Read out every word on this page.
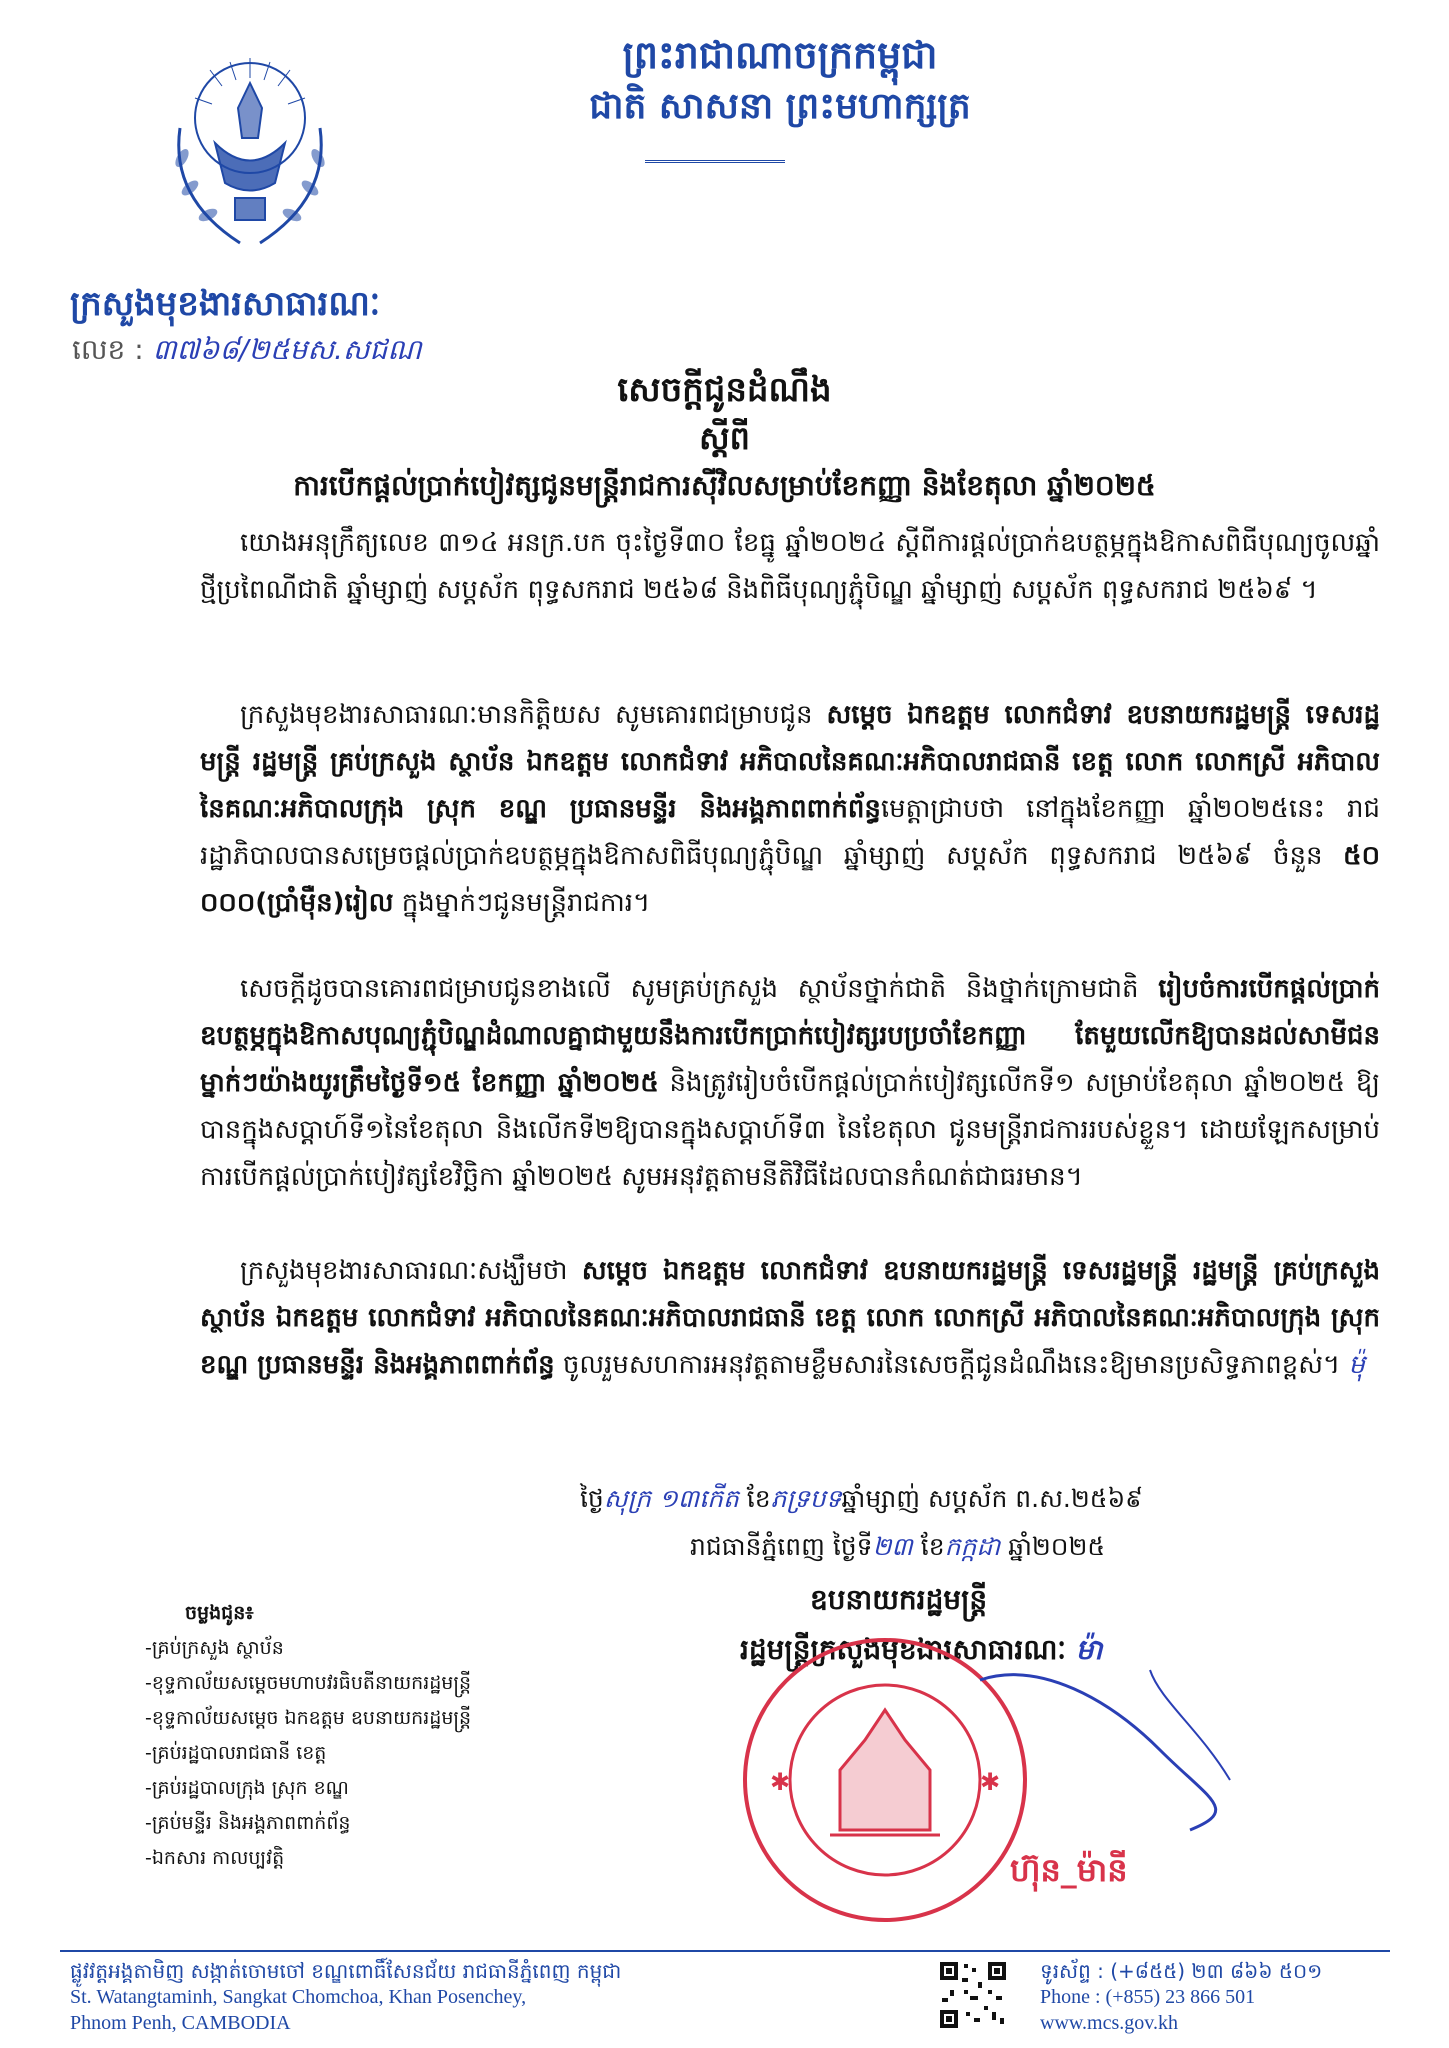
ព្រះរាជាណាចក្រកម្ពុជា
ជាតិ សាសនា ព្រះមហាក្សត្រ
ក្រសួងមុខងារសាធារណៈ
លេខ : ៣៧៦៨/២៥មស.សជណ
សេចក្ដីជូនដំណឹង
ស្ដីពី
ការបើកផ្តល់ប្រាក់បៀវត្សជូនមន្ត្រីរាជការស៊ីវិលសម្រាប់ខែកញ្ញា និងខែតុលា ឆ្នាំ២០២៥
យោងអនុក្រឹត្យលេខ ៣១៤ អនក្រ.បក ចុះថ្ងៃទី៣០ ខែធ្នូ ឆ្នាំ២០២៤ ស្តីពីការផ្តល់ប្រាក់ឧបត្ថម្ភក្នុងឱកាសពិធីបុណ្យចូលឆ្នាំថ្មីប្រពៃណីជាតិ ឆ្នាំម្សាញ់ សប្តស័ក ពុទ្ធសករាជ ២៥៦៨ និងពិធីបុណ្យភ្ជុំបិណ្ឌ ឆ្នាំម្សាញ់ សប្តស័ក ពុទ្ធសករាជ ២៥៦៩ ។
ក្រសួងមុខងារសាធារណៈមានកិត្តិយស សូមគោរពជម្រាបជូន សម្តេច ឯកឧត្តម លោកជំទាវ ឧបនាយករដ្ឋមន្ត្រី ទេសរដ្ឋមន្ត្រី រដ្ឋមន្ត្រី គ្រប់ក្រសួង ស្ថាប័ន ឯកឧត្តម លោកជំទាវ អភិបាលនៃគណៈអភិបាលរាជធានី ខេត្ត លោក លោកស្រី អភិបាលនៃគណៈអភិបាលក្រុង ស្រុក ខណ្ឌ ប្រធានមន្ទីរ និងអង្គភាពពាក់ព័ន្ធមេត្តាជ្រាបថា នៅក្នុងខែកញ្ញា ឆ្នាំ២០២៥នេះ រាជរដ្ឋាភិបាលបានសម្រេចផ្តល់ប្រាក់ឧបត្ថម្ភក្នុងឱកាសពិធីបុណ្យភ្ជុំបិណ្ឌ ឆ្នាំម្សាញ់ សប្តស័ក ពុទ្ធសករាជ ២៥៦៩ ចំនួន ៥០ ០០០(ប្រាំម៉ឺន)រៀល ក្នុងម្នាក់ៗជូនមន្ត្រីរាជការ។
សេចក្តីដូចបានគោរពជម្រាបជូនខាងលើ សូមគ្រប់ក្រសួង ស្ថាប័នថ្នាក់ជាតិ និងថ្នាក់ក្រោមជាតិ រៀបចំការបើកផ្តល់ប្រាក់ឧបត្ថម្ភក្នុងឱកាសបុណ្យភ្ជុំបិណ្ឌដំណាលគ្នាជាមួយនឹងការបើកប្រាក់បៀវត្សរបប្រចាំខែកញ្ញា តែមួយលើកឱ្យបានដល់សាមីជនម្នាក់ៗយ៉ាងយូរត្រឹមថ្ងៃទី១៥ ខែកញ្ញា ឆ្នាំ២០២៥ និងត្រូវរៀបចំបើកផ្តល់ប្រាក់បៀវត្សលើកទី១ សម្រាប់ខែតុលា ឆ្នាំ២០២៥ ឱ្យបានក្នុងសប្តាហ៍ទី១នៃខែតុលា និងលើកទី២ឱ្យបានក្នុងសប្តាហ៍ទី៣ នៃខែតុលា ជូនមន្ត្រីរាជការរបស់ខ្លួន។ ដោយឡែកសម្រាប់ការបើកផ្តល់ប្រាក់បៀវត្សខែវិច្ឆិកា ឆ្នាំ២០២៥ សូមអនុវត្តតាមនីតិវិធីដែលបានកំណត់ជាធរមាន។
ក្រសួងមុខងារសាធារណៈសង្ឃឹមថា សម្តេច ឯកឧត្តម លោកជំទាវ ឧបនាយករដ្ឋមន្ត្រី ទេសរដ្ឋមន្ត្រី រដ្ឋមន្ត្រី គ្រប់ក្រសួង ស្ថាប័ន ឯកឧត្តម លោកជំទាវ អភិបាលនៃគណៈអភិបាលរាជធានី ខេត្ត លោក លោកស្រី អភិបាលនៃគណៈអភិបាលក្រុង ស្រុក ខណ្ឌ ប្រធានមន្ទីរ និងអង្គភាពពាក់ព័ន្ធ ចូលរួមសហការអនុវត្តតាមខ្លឹមសារនៃសេចក្តីជូនដំណឹងនេះឱ្យមានប្រសិទ្ធភាពខ្ពស់។ ម៉ុ
ថ្ងៃសុក្រ ១៣កើត ខែភទ្របទឆ្នាំម្សាញ់ សប្តស័ក ព.ស.២៥៦៩
រាជធានីភ្នំពេញ ថ្ងៃទី២៣ ខែកក្កដា ឆ្នាំ២០២៥
ឧបនាយករដ្ឋមន្ត្រី
រដ្ឋមន្ត្រីក្រសួងមុខងារសាធារណៈ ម៉ា
✱	✱
ហ៊ុន_ម៉ានី
ចម្លងជូន៖
-គ្រប់ក្រសួង ស្ថាប័ន
-ខុទ្ទកាល័យសម្តេចមហាបវរធិបតីនាយករដ្ឋមន្ត្រី
-ខុទ្ទកាល័យសម្តេច ឯកឧត្តម ឧបនាយករដ្ឋមន្ត្រី
-គ្រប់រដ្ឋបាលរាជធានី ខេត្ត
-គ្រប់រដ្ឋបាលក្រុង ស្រុក ខណ្ឌ
-គ្រប់មន្ទីរ និងអង្គភាពពាក់ព័ន្ធ
-ឯកសារ កាលប្បវត្តិ
ផ្លូវវត្តអង្គតាមិញ សង្កាត់ចោមចៅ ខណ្ឌពោធិ៍សែនជ័យ រាជធានីភ្នំពេញ កម្ពុជា
St. Watangtaminh, Sangkat Chomchoa, Khan Posenchey,
Phnom Penh, CAMBODIA
ទូរស័ព្ទ : (+៨៥៥) ២៣ ៨៦៦ ៥០១
Phone : (+855) 23 866 501
www.mcs.gov.kh
